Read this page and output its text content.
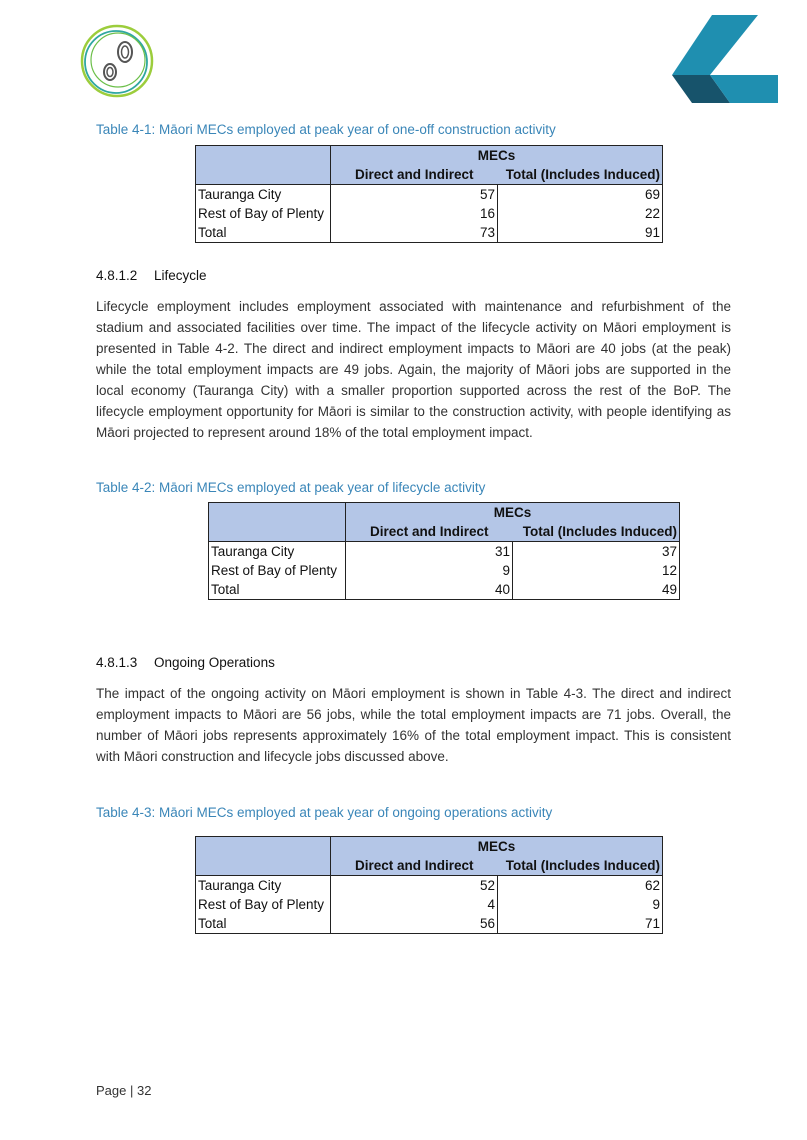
Table 4-1: Māori MECs employed at peak year of one-off construction activity
	MECs	
	Direct and Indirect	Total (Includes Induced)
Tauranga City	57	69
Rest of Bay of Plenty	16	22
Total	73	91
4.8.1.2 Lifecycle

Lifecycle employment includes employment associated with maintenance and refurbishment of the stadium and associated facilities over time. The impact of the lifecycle activity on Māori employment is presented in Table 4-2. The direct and indirect employment impacts to Māori are 40 jobs (at the peak) while the total employment impacts are 49 jobs. Again, the majority of Māori jobs are supported in the local economy (Tauranga City) with a smaller proportion supported across the rest of the BoP. The lifecycle employment opportunity for Māori is similar to the construction activity, with people identifying as Māori projected to represent around 18% of the total employment impact.

Table 4-2: Māori MECs employed at peak year of lifecycle activity
	MECs	
	Direct and Indirect	Total (Includes Induced)
Tauranga City	31	37
Rest of Bay of Plenty	9	12
Total	40	49
4.8.1.3 Ongoing Operations

The impact of the ongoing activity on Māori employment is shown in Table 4-3. The direct and indirect employment impacts to Māori are 56 jobs, while the total employment impacts are 71 jobs. Overall, the number of Māori jobs represents approximately 16% of the total employment impact. This is consistent with Māori construction and lifecycle jobs discussed above.

Table 4-3: Māori MECs employed at peak year of ongoing operations activity
	MECs	
	Direct and Indirect	Total (Includes Induced)
Tauranga City	52	62
Rest of Bay of Plenty	4	9
Total	56	71
Page | 32
